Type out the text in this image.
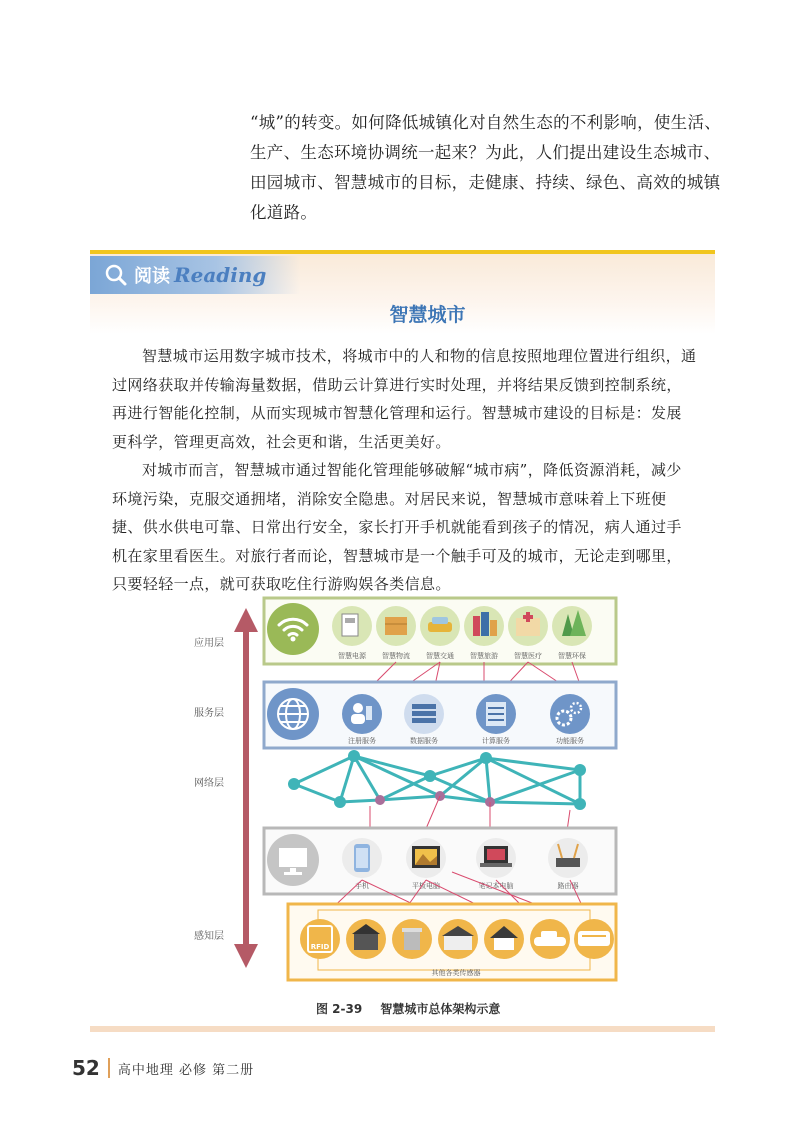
“城”的转变。如何降低城镇化对自然生态的不利影响，使生活、

生产、生态环境协调统一起来？为此，人们提出建设生态城市、

田园城市、智慧城市的目标，走健康、持续、绿色、高效的城镇

化道路。

阅读 Reading
智慧城市

智慧城市运用数字城市技术，将城市中的人和物的信息按照地理位置进行组织，通过网络获取并传输海量数据，借助云计算进行实时处理，并将结果反馈到控制系统，再进行智能化控制，从而实现城市智慧化管理和运行。智慧城市建设的目标是：发展更科学，管理更高效，社会更和谐，生活更美好。

对城市而言，智慧城市通过智能化管理能够破解“城市病”，降低资源消耗，减少环境污染，克服交通拥堵，消除安全隐患。对居民来说，智慧城市意味着上下班便捷、供水供电可靠、日常出行安全，家长打开手机就能看到孩子的情况，病人通过手机在家里看医生。对旅行者而论，智慧城市是一个触手可及的城市，无论走到哪里，只要轻轻一点，就可获取吃住行游购娱各类信息。

应用层
服务层
网络层
感知层
智慧电源 智慧物流 智慧交通 智慧旅游 智慧医疗 智慧环保
注册服务	数据服务	计算服务	功能服务
手机	平板电脑	笔记本电脑	路由器
RFID
其他各类传感器
图 2-39 智慧城市总体架构示意
52 高中地理 必修 第二册
